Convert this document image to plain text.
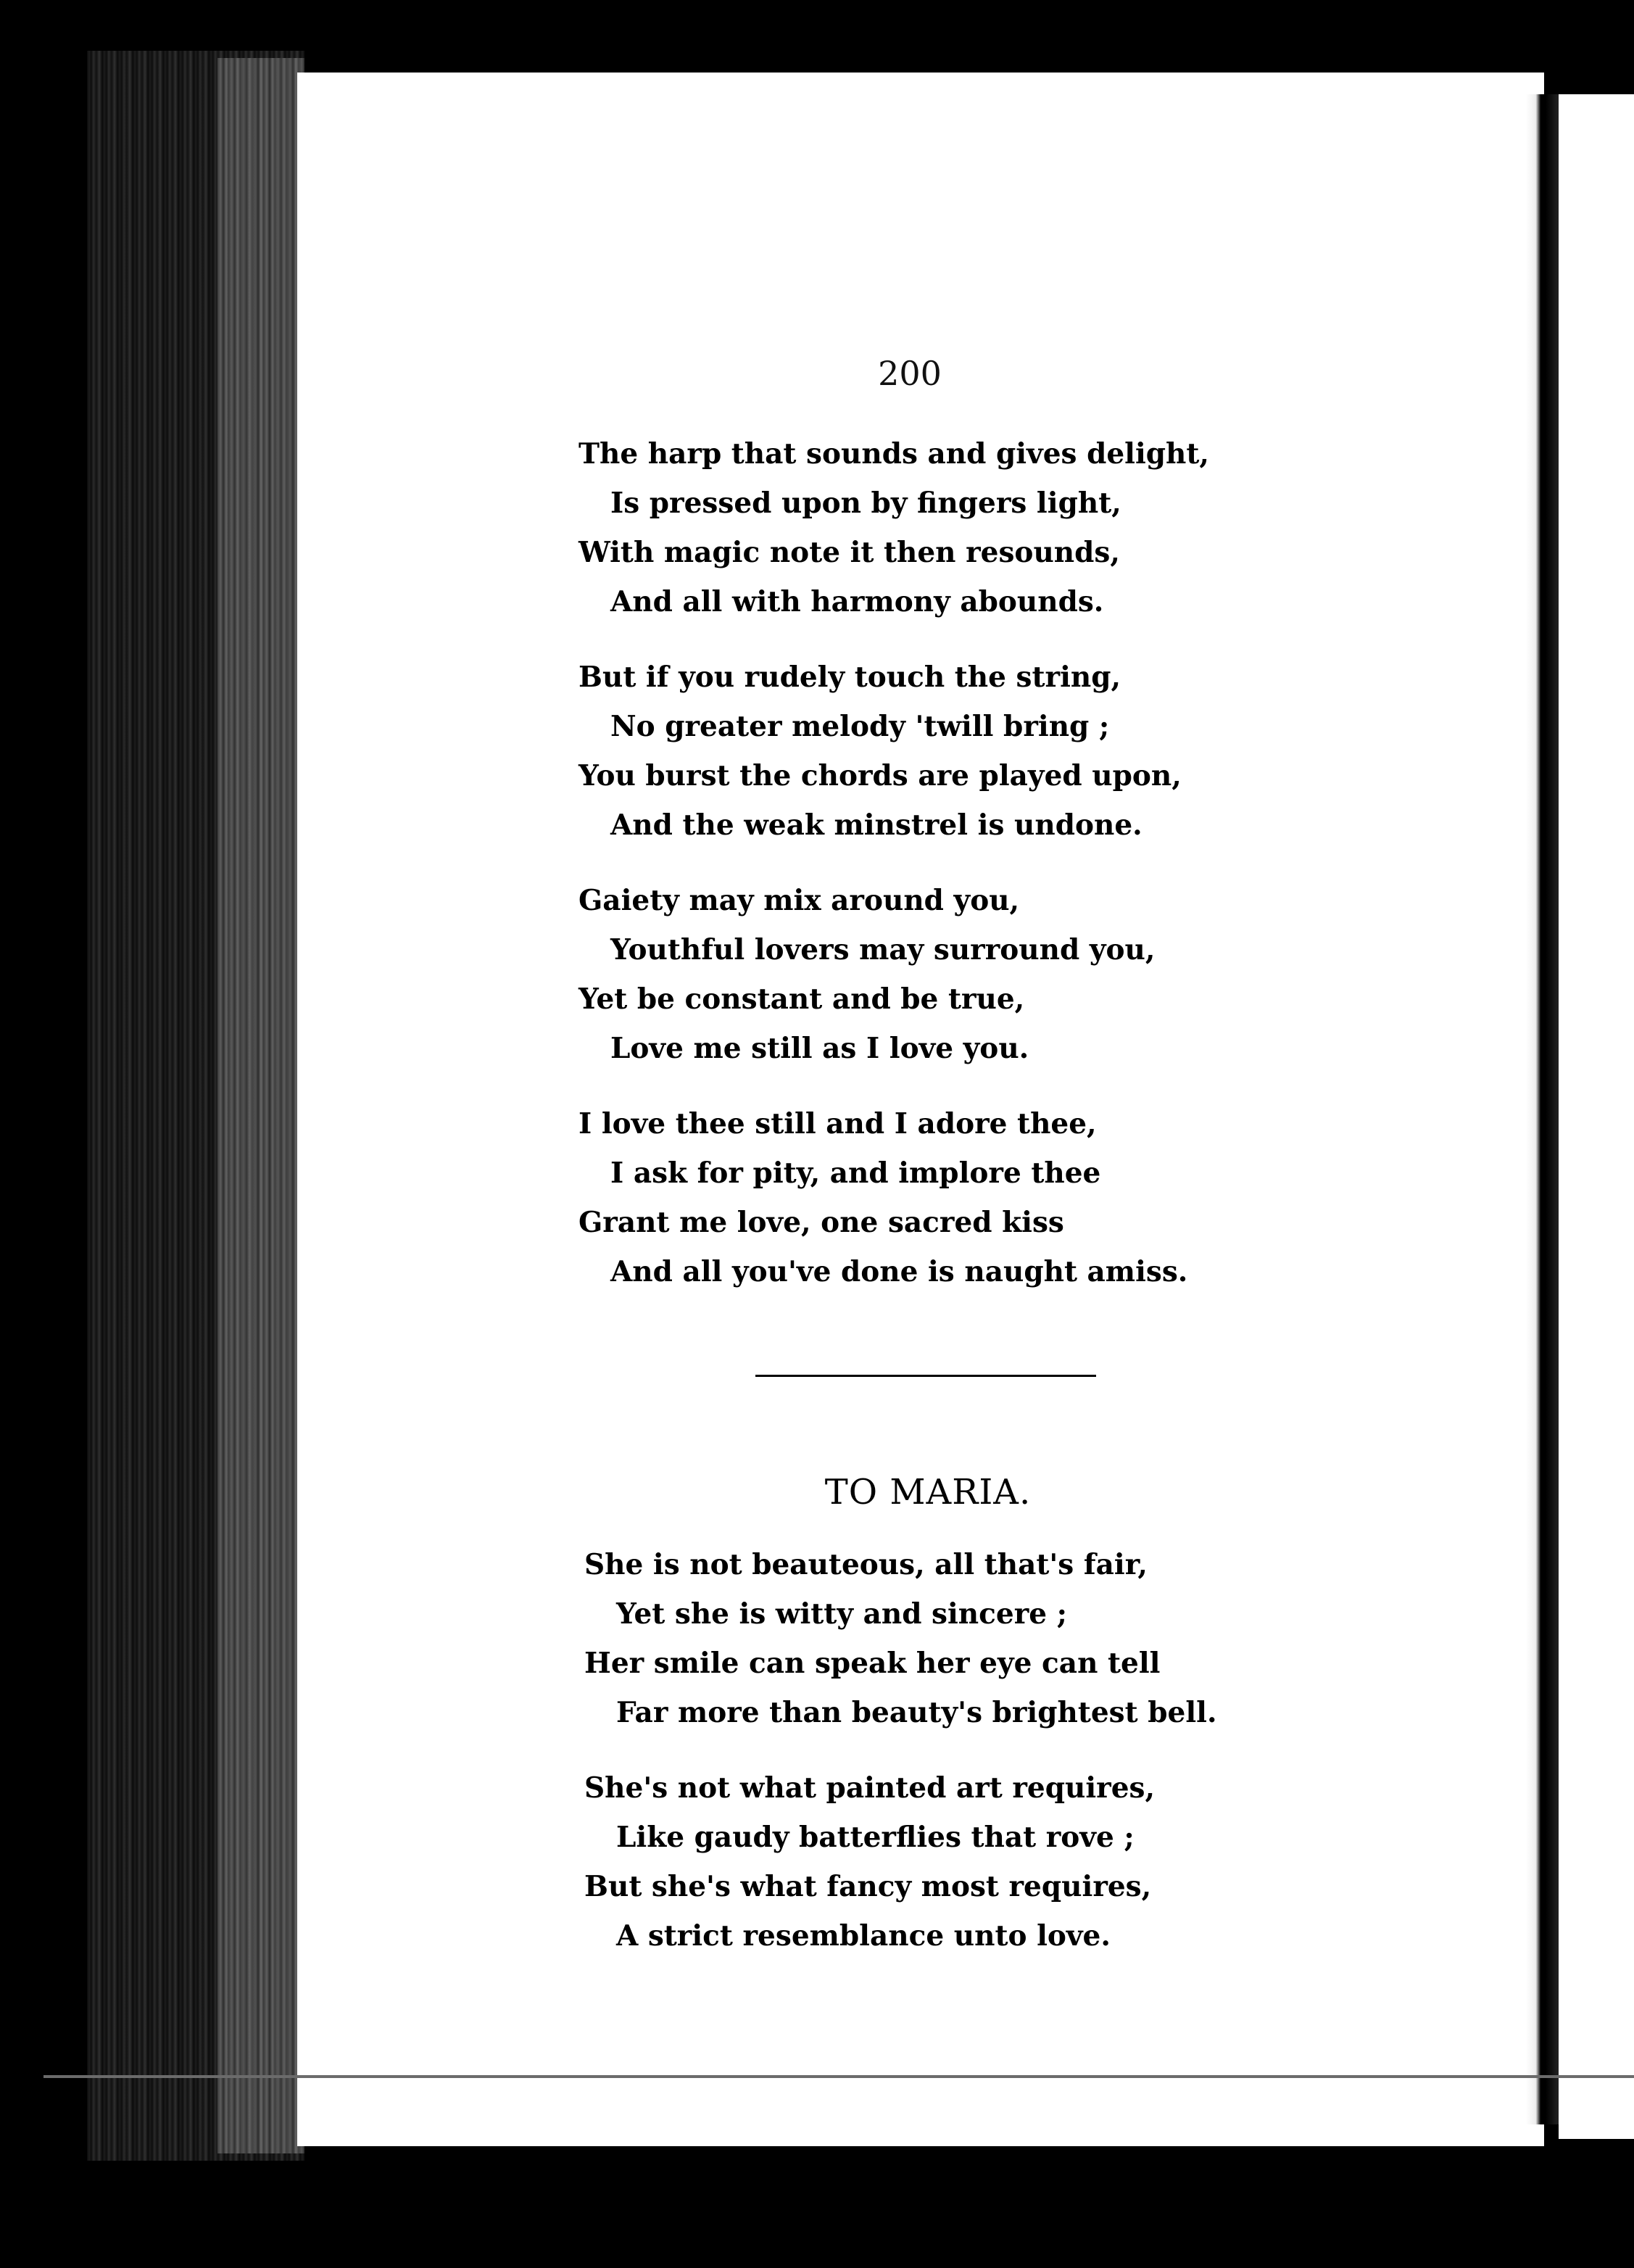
200
The harp that sounds and gives delight,
Is pressed upon by fingers light,
With magic note it then resounds,
And all with harmony abounds.
But if you rudely touch the string,
No greater melody 'twill bring ;
You burst the chords are played upon,
And the weak minstrel is undone.
Gaiety may mix around you,
Youthful lovers may surround you,
Yet be constant and be true,
Love me still as I love you.
I love thee still and I adore thee,
I ask for pity, and implore thee
Grant me love, one sacred kiss
And all you've done is naught amiss.
TO MARIA.
She is not beauteous, all that's fair,
Yet she is witty and sincere ;
Her smile can speak her eye can tell
Far more than beauty's brightest bell.
She's not what painted art requires,
Like gaudy batterflies that rove ;
But she's what fancy most requires,
A strict resemblance unto love.
